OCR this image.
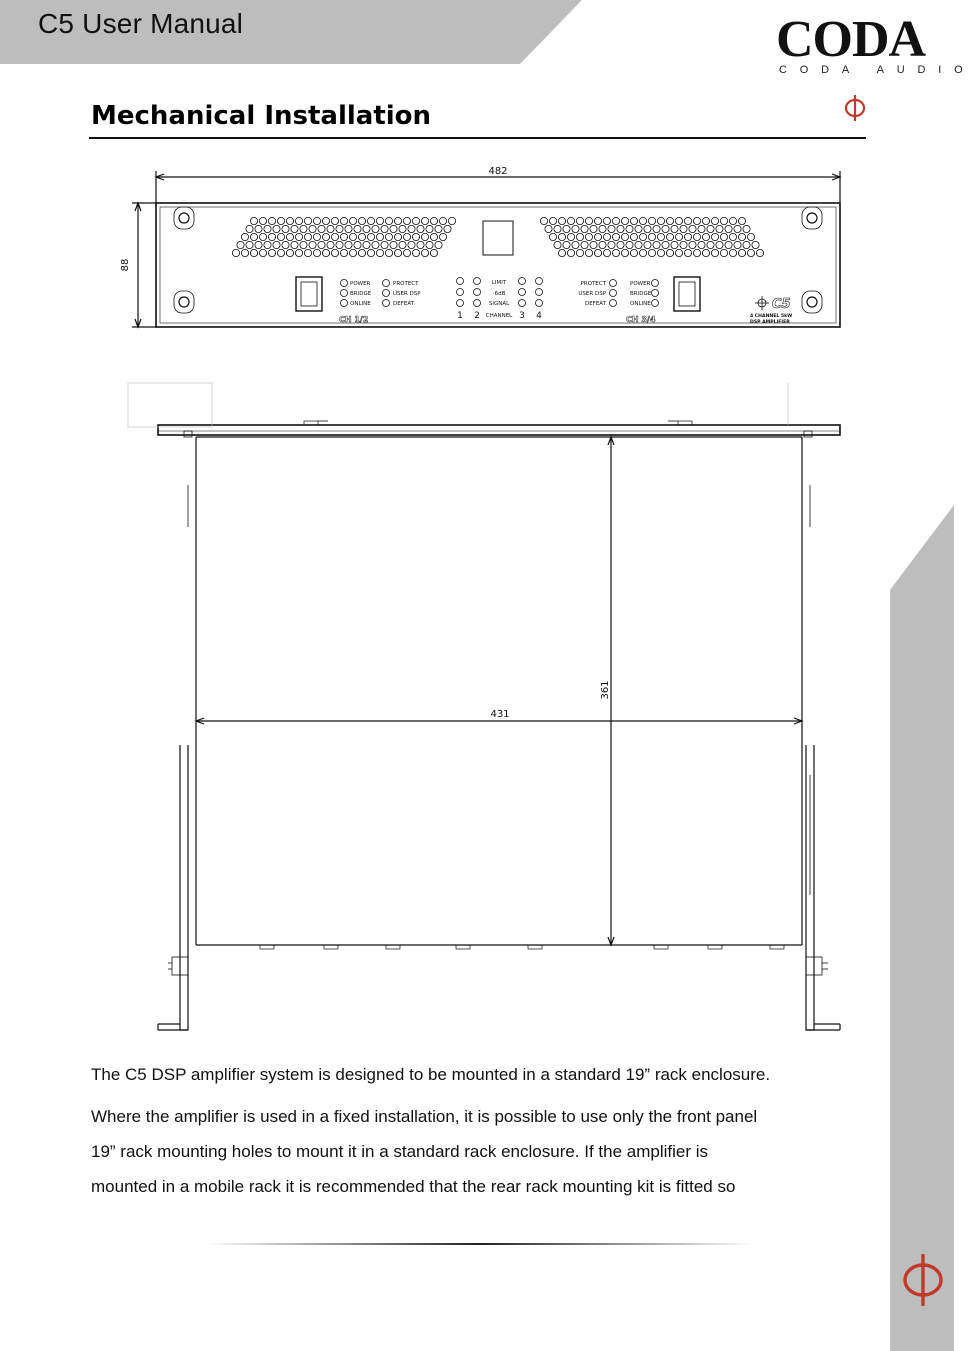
C5 User Manual	CODA
CODA AUDIO
Mechanical Installation
POWER
BRIDGE
ONLINE
PROTECT
USER DSP
DEFEAT
LIMIT
-6dB
SIGNAL
CHANNEL
PROTECT
USER DSP
DEFEAT
POWER
BRIDGE
ONLINE
1 2	3 4
CH 1/2	CH 3/4
C5
4 CHANNEL 5kW
DSP AMPLIFIER
482
88
361
431

The C5 DSP amplifier system is designed to be mounted in a standard 19” rack enclosure.

Where the amplifier is used in a fixed installation, it is possible to use only the front panel

19” rack mounting holes to mount it in a standard rack enclosure. If the amplifier is

mounted in a mobile rack it is recommended that the rear rack mounting kit is fitted so
